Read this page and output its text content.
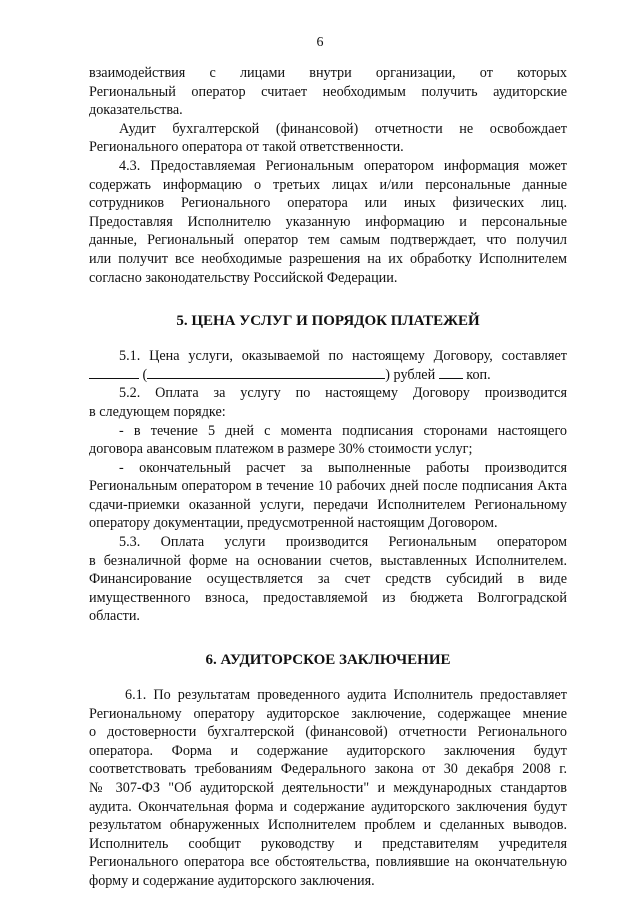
6

взаимодействия с лицами внутри организации, от которых

Региональный оператор считает необходимым получить аудиторские

доказательства.

Аудит бухгалтерской (финансовой) отчетности не освобождает

Регионального оператора от такой ответственности.

4.3. Предоставляемая Региональным оператором информация может

содержать информацию о третьих лицах и/или персональные данные

сотрудников Регионального оператора или иных физических лиц.

Предоставляя Исполнителю указанную информацию и персональные

данные, Региональный оператор тем самым подтверждает, что получил

или получит все необходимые разрешения на их обработку Исполнителем

согласно законодательству Российской Федерации.

5. ЦЕНА УСЛУГ И ПОРЯДОК ПЛАТЕЖЕЙ

5.1. Цена услуги, оказываемой по настоящему Договору, составляет

(	) рублей коп.

5.2. Оплата за услугу по настоящему Договору производится

в следующем порядке:

- в течение 5 дней с момента подписания сторонами настоящего

договора авансовым платежом в размере 30% стоимости услуг;

- окончательный расчет за выполненные работы производится

Региональным оператором в течение 10 рабочих дней после подписания Акта

сдачи-приемки оказанной услуги, передачи Исполнителем Региональному

оператору документации, предусмотренной настоящим Договором.

5.3. Оплата услуги производится Региональным оператором

в безналичной форме на основании счетов, выставленных Исполнителем.

Финансирование осуществляется за счет средств субсидий в виде

имущественного взноса, предоставляемой из бюджета Волгоградской

области.

6. АУДИТОРСКОЕ ЗАКЛЮЧЕНИЕ

6.1. По результатам проведенного аудита Исполнитель предоставляет

Региональному оператору аудиторское заключение, содержащее мнение

о достоверности бухгалтерской (финансовой) отчетности Регионального

оператора. Форма и содержание аудиторского заключения будут

соответствовать требованиям Федерального закона от 30 декабря 2008 г.

№ 307-ФЗ "Об аудиторской деятельности" и международных стандартов

аудита. Окончательная форма и содержание аудиторского заключения будут

результатом обнаруженных Исполнителем проблем и сделанных выводов.

Исполнитель сообщит руководству и представителям учредителя

Регионального оператора все обстоятельства, повлиявшие на окончательную

форму и содержание аудиторского заключения.
